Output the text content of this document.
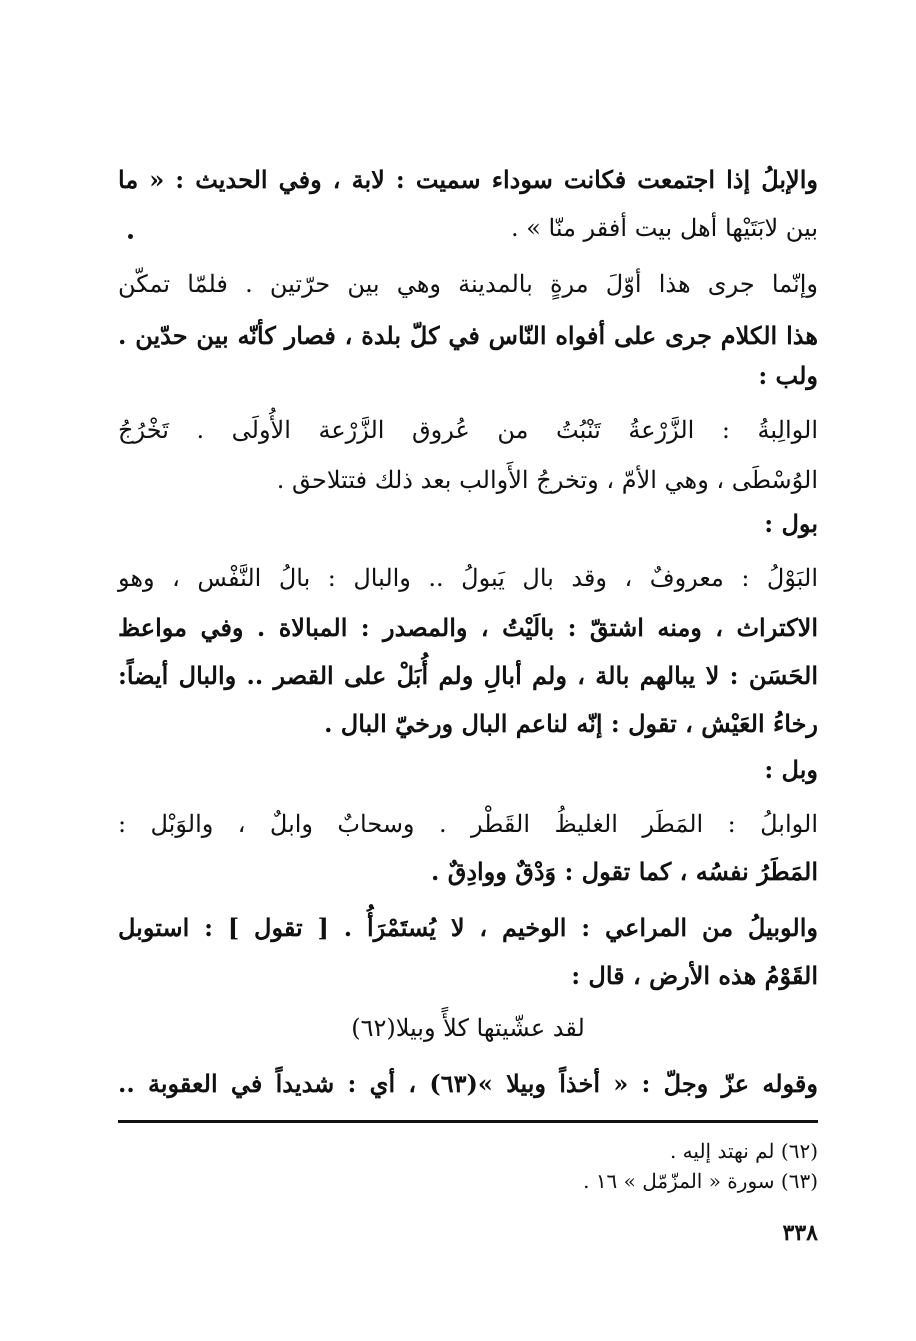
والإبلُ إذا اجتمعت فكانت سوداء سميت : لابة ، وفي الحديث : « ما
بين لابَتَيْها أهل بيت أفقر منّا » .
وإنّما جرى هذا أوّلَ مرةٍ بالمدينة وهي بين حرّتين . فلمّا تمكّن
هذا الكلام جرى على أفواه النّاس في كلّ بلدة ، فصار كأنّه بين حدّين .
ولب :
الوالِبةُ : الزَّرْعةُ تَنْبُتُ من عُروق الزَّرْعة الأُولَى . تَخْرُجُ
الوُسْطَى ، وهي الأمّ ، وتخرجُ الأَوالب بعد ذلك فتتلاحق .
بول :
البَوْلُ : معروفٌ ، وقد بال يَبولُ .. والبال : بالُ النَّفْس ، وهو
الاكتراث ، ومنه اشتقّ : بالَيْتُ ، والمصدر : المبالاة . وفي مواعظ
الحَسَن : لا يبالهم بالة ، ولم أبالِ ولم أُبَلْ على القصر .. والبال أيضاً:
رخاءُ العَيْش ، تقول : إنّه لناعم البال ورخيّ البال .
وبل :
الوابلُ : المَطَر الغليظُ القَطْر . وسحابٌ وابلٌ ، والوَبْل :
المَطَرُ نفسُه ، كما تقول : وَدْقٌ ووادِقٌ .
والوبيلُ من المراعي : الوخيم ، لا يُستَمْرَأُ . [ تقول ] : استوبل
القَوْمُ هذه الأرض ، قال :
لقد عشّيتها كلأً وبيلا(٦٢)
وقوله عزّ وجلّ : « أخذاً وبيلا »(٦٣) ، أي : شديداً في العقوبة ..
(٦٢) لم نهتد إليه .
(٦٣) سورة « المزّمّل » ١٦ .
٣٣٨
